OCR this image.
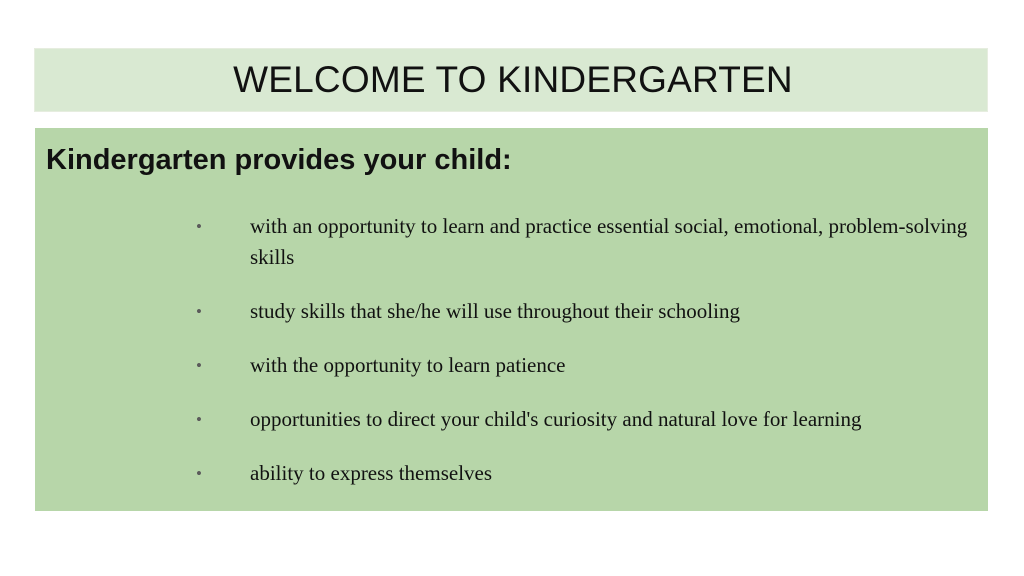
WELCOME TO KINDERGARTEN
Kindergarten provides your child:
• with an opportunity to learn and practice essential social, emotional, problem-solving skills
• study skills that she/he will use throughout their schooling
• with the opportunity to learn patience
• opportunities to direct your child's curiosity and natural love for learning
• ability to express themselves
